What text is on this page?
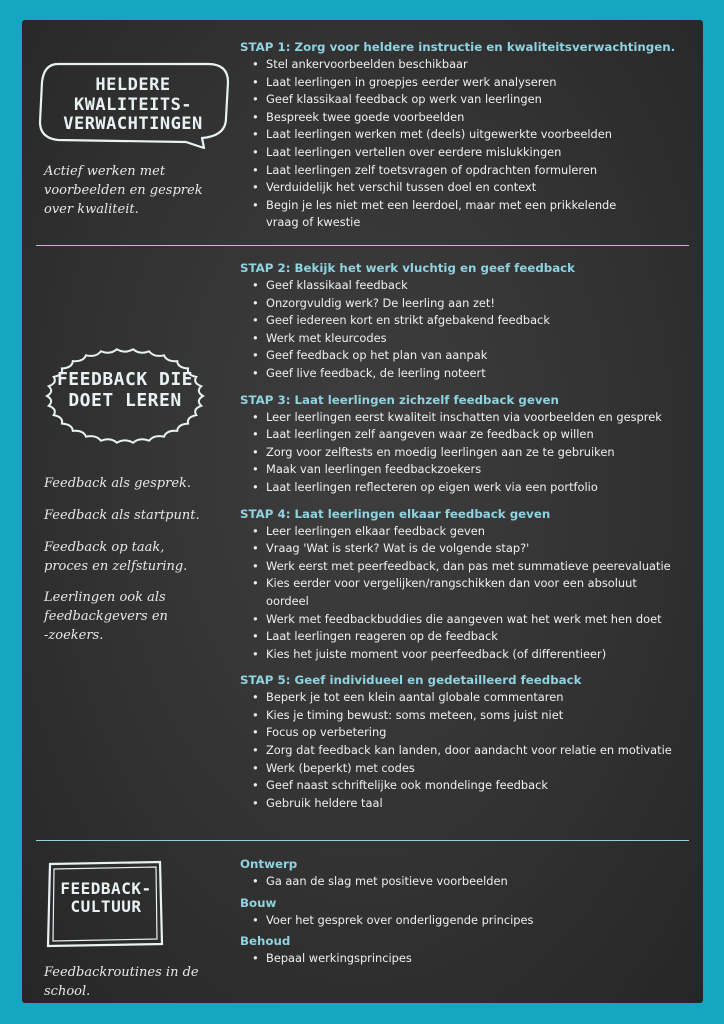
HELDERE KWALITEITS-
VERWACHTINGEN
Actief werken met
voorbeelden en gesprek
over kwaliteit.
FEEDBACK DIE
DOET LEREN

Feedback als gesprek.

Feedback als startpunt.

Feedback op taak,
proces en zelfsturing.

Leerlingen ook als
feedbackgevers en
-zoekers.

FEEDBACK-
CULTUUR
Feedbackroutines in de school.
STAP 1: Zorg voor heldere instructie en kwaliteitsverwachtingen.
• Stel ankervoorbeelden beschikbaar
• Laat leerlingen in groepjes eerder werk analyseren
• Geef klassikaal feedback op werk van leerlingen
• Bespreek twee goede voorbeelden
• Laat leerlingen werken met (deels) uitgewerkte voorbeelden
• Laat leerlingen vertellen over eerdere mislukkingen
• Laat leerlingen zelf toetsvragen of opdrachten formuleren
• Verduidelijk het verschil tussen doel en context
• Begin je les niet met een leerdoel, maar met een prikkelende vraag of kwestie
STAP 2: Bekijk het werk vluchtig en geef feedback
• Geef klassikaal feedback
• Onzorgvuldig werk? De leerling aan zet!
• Geef iedereen kort en strikt afgebakend feedback
• Werk met kleurcodes
• Geef feedback op het plan van aanpak
• Geef live feedback, de leerling noteert
STAP 3: Laat leerlingen zichzelf feedback geven
• Leer leerlingen eerst kwaliteit inschatten via voorbeelden en gesprek
• Laat leerlingen zelf aangeven waar ze feedback op willen
• Zorg voor zelftests en moedig leerlingen aan ze te gebruiken
• Maak van leerlingen feedbackzoekers
• Laat leerlingen reflecteren op eigen werk via een portfolio
STAP 4: Laat leerlingen elkaar feedback geven
• Leer leerlingen elkaar feedback geven
• Vraag 'Wat is sterk? Wat is de volgende stap?'
• Werk eerst met peerfeedback, dan pas met summatieve peerevaluatie
• Kies eerder voor vergelijken/rangschikken dan voor een absoluut oordeel
• Werk met feedbackbuddies die aangeven wat het werk met hen doet
• Laat leerlingen reageren op de feedback
• Kies het juiste moment voor peerfeedback (of differentieer)
STAP 5: Geef individueel en gedetailleerd feedback
• Beperk je tot een klein aantal globale commentaren
• Kies je timing bewust: soms meteen, soms juist niet
• Focus op verbetering
• Zorg dat feedback kan landen, door aandacht voor relatie en motivatie
• Werk (beperkt) met codes
• Geef naast schriftelijke ook mondelinge feedback
• Gebruik heldere taal
Ontwerp
• Ga aan de slag met positieve voorbeelden
Bouw
• Voer het gesprek over onderliggende principes
Behoud
• Bepaal werkingsprincipes
